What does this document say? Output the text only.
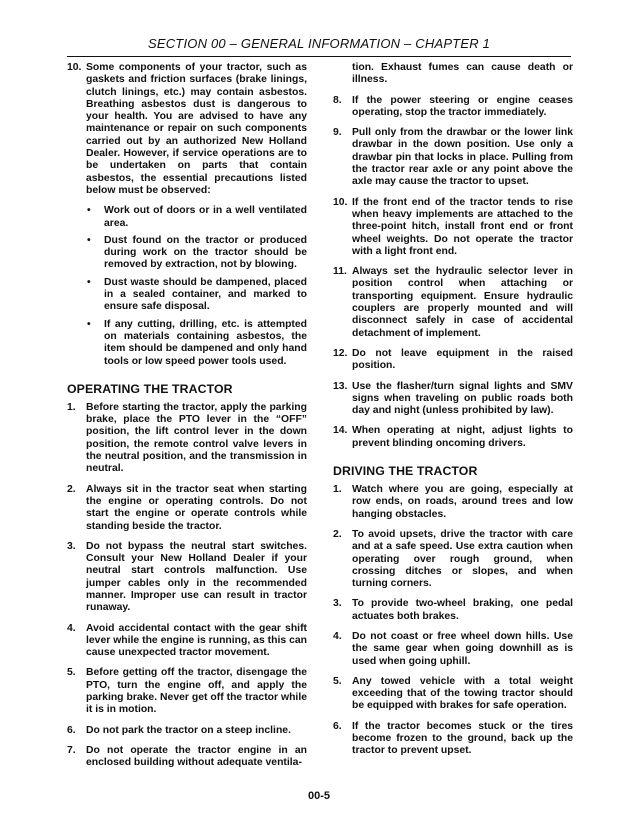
SECTION 00 – GENERAL INFORMATION – CHAPTER 1
10. Some components of your tractor, such as gaskets and friction surfaces (brake linings, clutch linings, etc.) may contain asbestos. Breathing asbestos dust is dangerous to your health. You are advised to have any maintenance or repair on such components carried out by an authorized New Holland Dealer. However, if service operations are to be undertaken on parts that contain asbestos, the essential precautions listed below must be observed:
• Work out of doors or in a well ventilated area.
• Dust found on the tractor or produced during work on the tractor should be removed by extraction, not by blowing.
• Dust waste should be dampened, placed in a sealed container, and marked to ensure safe disposal.
• If any cutting, drilling, etc. is attempted on materials containing asbestos, the item should be dampened and only hand tools or low speed power tools used.
OPERATING THE TRACTOR
1. Before starting the tractor, apply the parking brake, place the PTO lever in the “OFF” position, the lift control lever in the down position, the remote control valve levers in the neutral position, and the transmission in neutral.
2. Always sit in the tractor seat when starting the engine or operating controls. Do not start the engine or operate controls while standing beside the tractor.
3. Do not bypass the neutral start switches. Consult your New Holland Dealer if your neutral start controls malfunction. Use jumper cables only in the recommended manner. Improper use can result in tractor runaway.
4. Avoid accidental contact with the gear shift lever while the engine is running, as this can cause unexpected tractor movement.
5. Before getting off the tractor, disengage the PTO, turn the engine off, and apply the parking brake. Never get off the tractor while it is in motion.
6. Do not park the tractor on a steep incline.
7. Do not operate the tractor engine in an enclosed building without adequate ventila-
tion. Exhaust fumes can cause death or illness.
8. If the power steering or engine ceases operating, stop the tractor immediately.
9. Pull only from the drawbar or the lower link drawbar in the down position. Use only a drawbar pin that locks in place. Pulling from the tractor rear axle or any point above the axle may cause the tractor to upset.
10. If the front end of the tractor tends to rise when heavy implements are attached to the three-point hitch, install front end or front wheel weights. Do not operate the tractor with a light front end.
11. Always set the hydraulic selector lever in position control when attaching or transporting equipment. Ensure hydraulic couplers are properly mounted and will disconnect safely in case of accidental detachment of implement.
12. Do not leave equipment in the raised position.
13. Use the flasher/turn signal lights and SMV signs when traveling on public roads both day and night (unless prohibited by law).
14. When operating at night, adjust lights to prevent blinding oncoming drivers.
DRIVING THE TRACTOR
1. Watch where you are going, especially at row ends, on roads, around trees and low hanging obstacles.
2. To avoid upsets, drive the tractor with care and at a safe speed. Use extra caution when operating over rough ground, when crossing ditches or slopes, and when turning corners.
3. To provide two-wheel braking, one pedal actuates both brakes.
4. Do not coast or free wheel down hills. Use the same gear when going downhill as is used when going uphill.
5. Any towed vehicle with a total weight exceeding that of the towing tractor should be equipped with brakes for safe operation.
6. If the tractor becomes stuck or the tires become frozen to the ground, back up the tractor to prevent upset.
00-5
